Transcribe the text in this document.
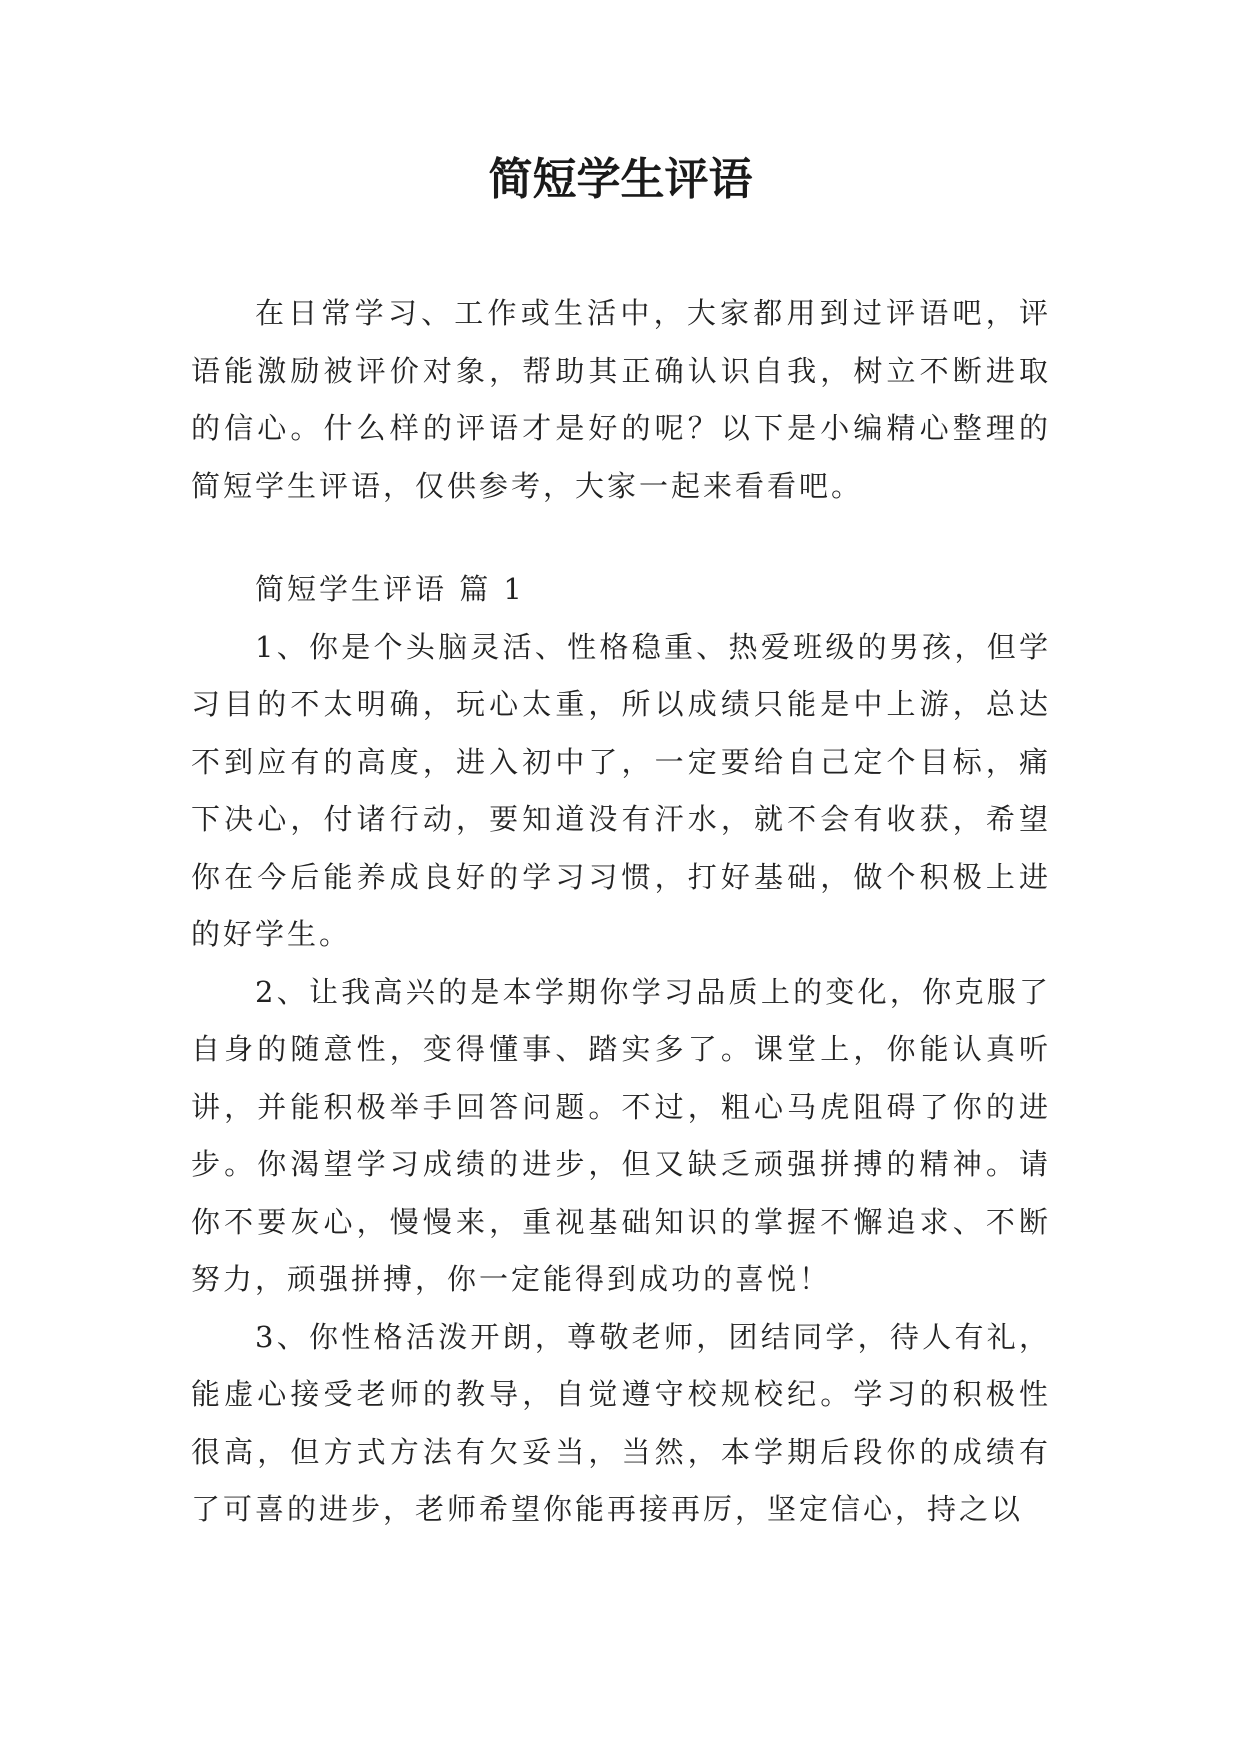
简短学生评语

在日常学习、工作或生活中，大家都用到过评语吧，评语能激励被评价对象，帮助其正确认识自我，树立不断进取的信心。什么样的评语才是好的呢？以下是小编精心整理的简短学生评语，仅供参考，大家一起来看看吧。

简短学生评语 篇 1

1、你是个头脑灵活、性格稳重、热爱班级的男孩，但学习目的不太明确，玩心太重，所以成绩只能是中上游，总达不到应有的高度，进入初中了，一定要给自己定个目标，痛下决心，付诸行动，要知道没有汗水，就不会有收获，希望你在今后能养成良好的学习习惯，打好基础，做个积极上进的好学生。

2、让我高兴的是本学期你学习品质上的变化，你克服了自身的随意性，变得懂事、踏实多了。课堂上，你能认真听讲，并能积极举手回答问题。不过，粗心马虎阻碍了你的进步。你渴望学习成绩的进步，但又缺乏顽强拼搏的精神。请你不要灰心，慢慢来，重视基础知识的掌握不懈追求、不断努力，顽强拼搏，你一定能得到成功的喜悦！

3、你性格活泼开朗，尊敬老师，团结同学，待人有礼，能虚心接受老师的教导，自觉遵守校规校纪。学习的积极性很高，但方式方法有欠妥当，当然，本学期后段你的成绩有了可喜的进步，老师希望你能再接再厉，坚定信心，持之以
